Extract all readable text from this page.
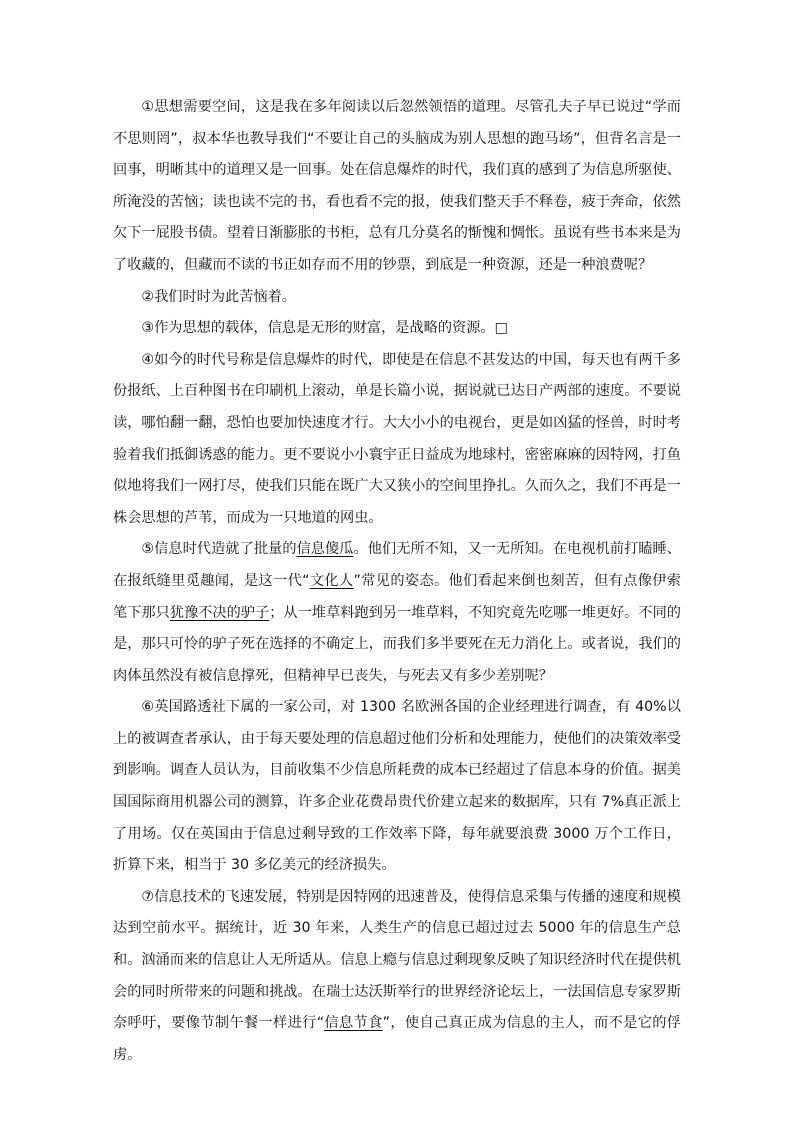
①思想需要空间，这是我在多年阅读以后忽然领悟的道理。尽管孔夫子早已说过“学而不思则罔”，叔本华也教导我们“不要让自己的头脑成为别人思想的跑马场”，但背名言是一回事，明晰其中的道理又是一回事。处在信息爆炸的时代，我们真的感到了为信息所驱使、所淹没的苦恼；读也读不完的书，看也看不完的报，使我们整天手不释卷，疲于奔命，依然欠下一屁股书债。望着日渐膨胀的书柜，总有几分莫名的惭愧和惆怅。虽说有些书本来是为了收藏的，但藏而不读的书正如存而不用的钞票，到底是一种资源，还是一种浪费呢？

②我们时时为此苦恼着。

③作为思想的载体，信息是无形的财富，是战略的资源。□

④如今的时代号称是信息爆炸的时代，即使是在信息不甚发达的中国，每天也有两千多份报纸、上百种图书在印刷机上滚动，单是长篇小说，据说就已达日产两部的速度。不要说读，哪怕翻一翻，恐怕也要加快速度才行。大大小小的电视台，更是如凶猛的怪兽，时时考验着我们抵御诱惑的能力。更不要说小小寰宇正日益成为地球村，密密麻麻的因特网，打鱼似地将我们一网打尽，使我们只能在既广大又狭小的空间里挣扎。久而久之，我们不再是一株会思想的芦苇，而成为一只地道的网虫。

⑤信息时代造就了批量的信息傻瓜。他们无所不知，又一无所知。在电视机前打瞌睡、在报纸缝里觅趣闻，是这一代“文化人”常见的姿态。他们看起来倒也刻苦，但有点像伊索笔下那只犹豫不决的驴子；从一堆草料跑到另一堆草料，不知究竟先吃哪一堆更好。不同的是，那只可怜的驴子死在选择的不确定上，而我们多半要死在无力消化上。或者说，我们的肉体虽然没有被信息撑死，但精神早已丧失，与死去又有多少差别呢？

⑥英国路透社下属的一家公司，对 1300 名欧洲各国的企业经理进行调查，有 40%以上的被调查者承认，由于每天要处理的信息超过他们分析和处理能力，使他们的决策效率受到影响。调查人员认为，目前收集不少信息所耗费的成本已经超过了信息本身的价值。据美国国际商用机器公司的测算，许多企业花费昂贵代价建立起来的数据库，只有 7%真正派上了用场。仅在英国由于信息过剩导致的工作效率下降，每年就要浪费 3000 万个工作日，折算下来，相当于 30 多亿美元的经济损失。

⑦信息技术的飞速发展，特别是因特网的迅速普及，使得信息采集与传播的速度和规模达到空前水平。据统计，近 30 年来，人类生产的信息已超过过去 5000 年的信息生产总和。汹涌而来的信息让人无所适从。信息上瘾与信息过剩现象反映了知识经济时代在提供机会的同时所带来的问题和挑战。在瑞士达沃斯举行的世界经济论坛上，一法国信息专家罗斯奈呼吁，要像节制午餐一样进行“信息节食”，使自己真正成为信息的主人，而不是它的俘虏。
